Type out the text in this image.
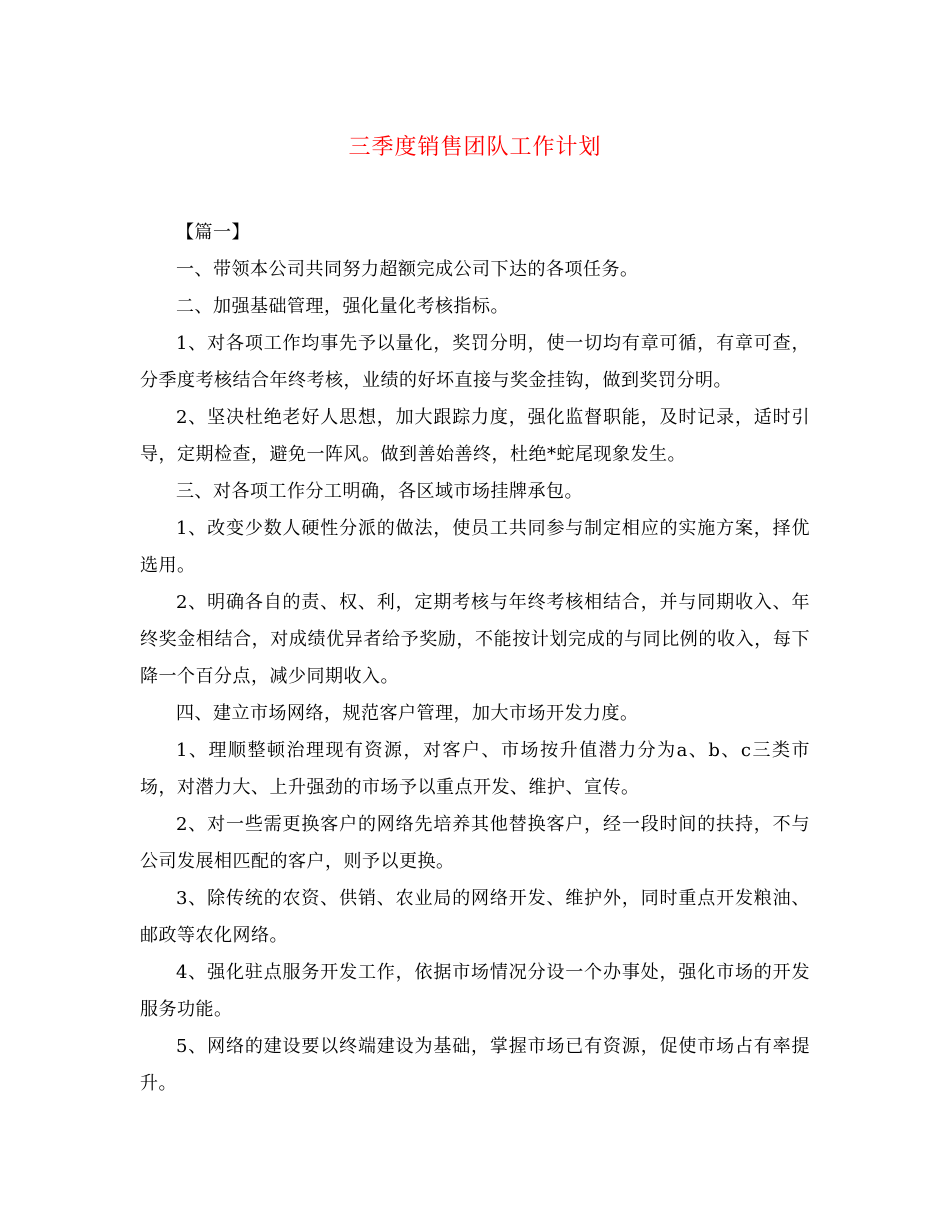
三季度销售团队工作计划

【篇一】

一、带领本公司共同努力超额完成公司下达的各项任务。

二、加强基础管理，强化量化考核指标。

1、对各项工作均事先予以量化，奖罚分明，使一切均有章可循，有章可查，分季度考核结合年终考核，业绩的好坏直接与奖金挂钩，做到奖罚分明。

2、坚决杜绝老好人思想，加大跟踪力度，强化监督职能，及时记录，适时引导，定期检查，避免一阵风。做到善始善终，杜绝*蛇尾现象发生。

三、对各项工作分工明确，各区域市场挂牌承包。

1、改变少数人硬性分派的做法，使员工共同参与制定相应的实施方案，择优选用。

2、明确各自的责、权、利，定期考核与年终考核相结合，并与同期收入、年终奖金相结合，对成绩优异者给予奖励，不能按计划完成的与同比例的收入，每下降一个百分点，减少同期收入。

四、建立市场网络，规范客户管理，加大市场开发力度。

1、理顺整顿治理现有资源，对客户、市场按升值潜力分为a、b、c三类市场，对潜力大、上升强劲的市场予以重点开发、维护、宣传。

2、对一些需更换客户的网络先培养其他替换客户，经一段时间的扶持，不与公司发展相匹配的客户，则予以更换。

3、除传统的农资、供销、农业局的网络开发、维护外，同时重点开发粮油、邮政等农化网络。

4、强化驻点服务开发工作，依据市场情况分设一个办事处，强化市场的开发服务功能。

5、网络的建设要以终端建设为基础，掌握市场已有资源，促使市场占有率提升。
